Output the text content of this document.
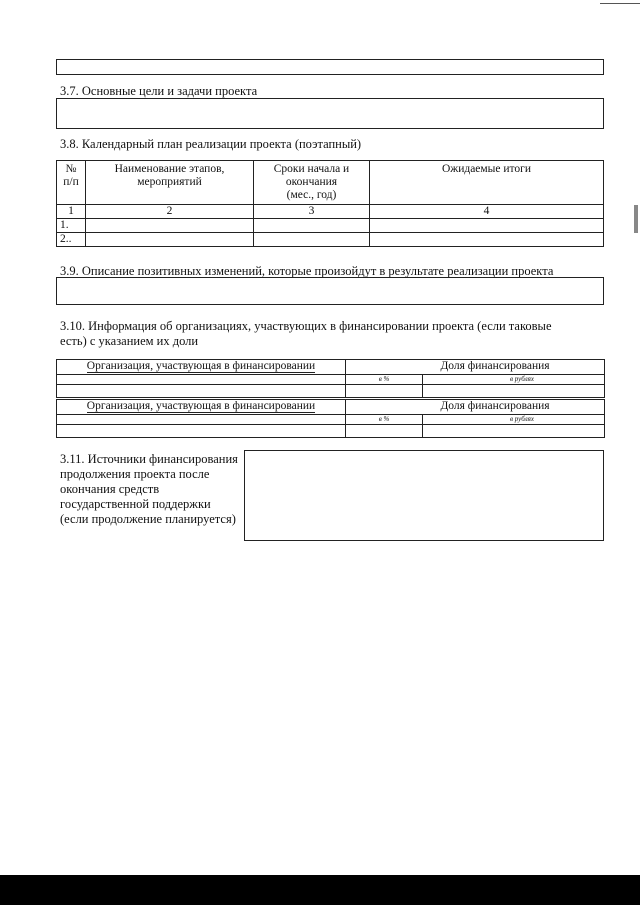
3.7. Основные цели и задачи проекта
3.8. Календарный план реализации проекта (поэтапный)
№ п/п	Наименование этапов, мероприятий	Сроки начала и окончания (мес., год)	Ожидаемые итоги
1	2	3	4
1.			
2..			
3.9. Описание позитивных изменений, которые произойдут в результате реализации проекта
3.10. Информация об организациях, участвующих в финансировании проекта (если таковые
есть) с указанием их доли
Организация, участвующая в финансировании	Доля финансирования	
	в %	в рублях

Организация, участвующая в финансировании	Доля финансирования	
	в %	в рублях

3.11. Источники финансирования продолжения проекта после окончания средств государственной поддержки (если продолжение планируется)
